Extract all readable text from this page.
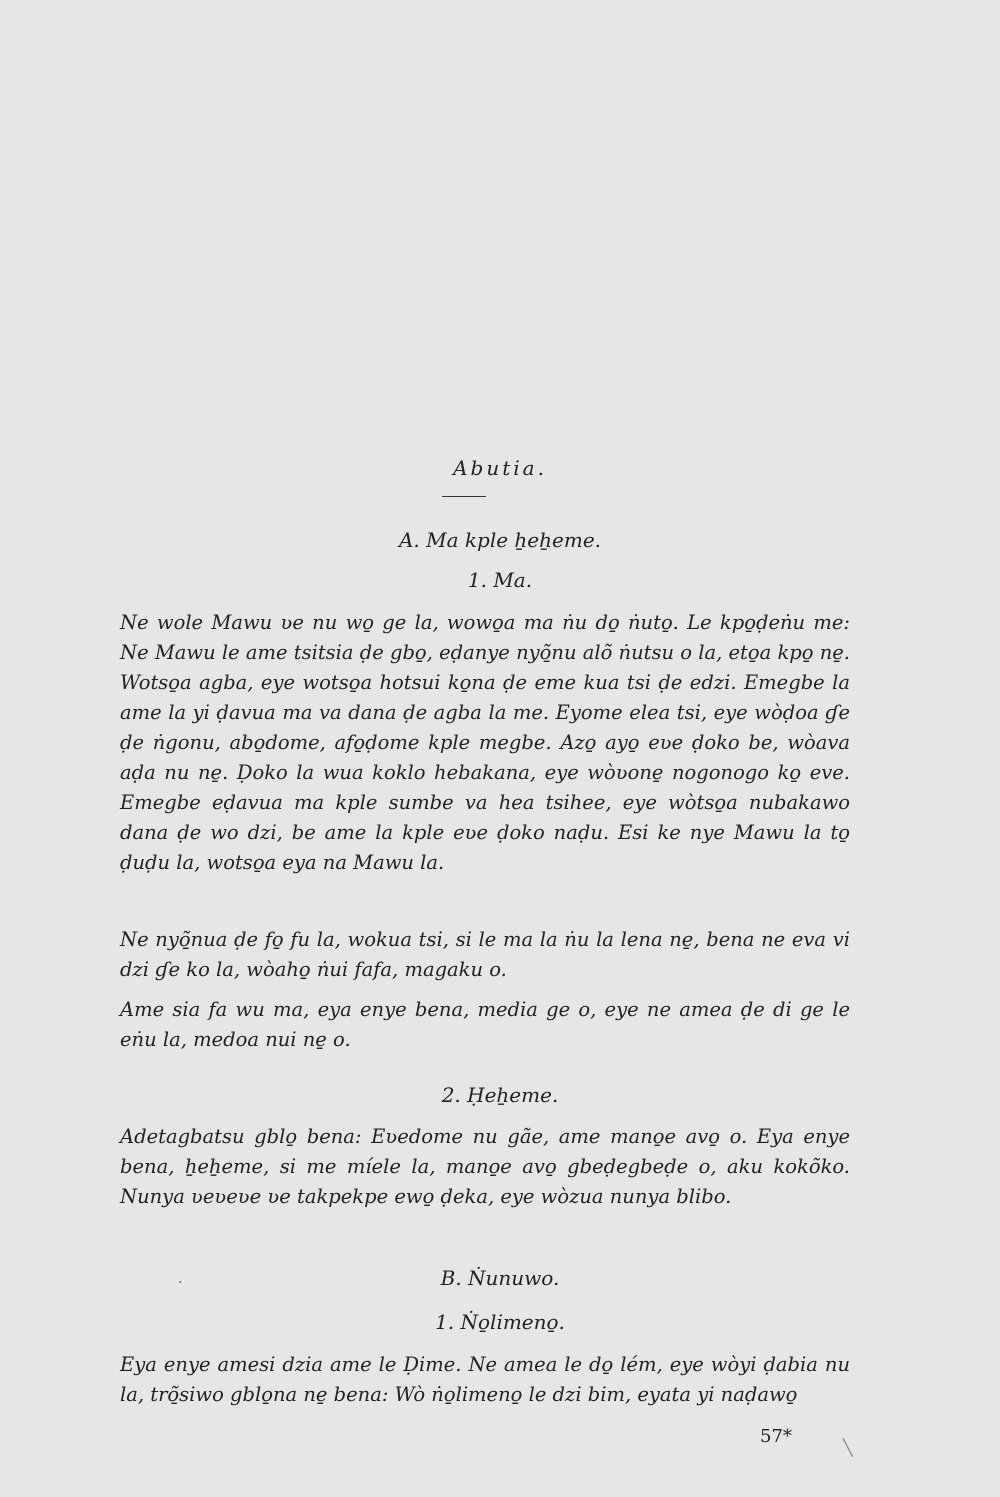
Abutia.
A. Ma kple ẖeẖeme.
1. Ma.
Ne wole Mawu ʋe nu wo̱ ge la, wowo̱a ma ṅu do̱ ṅuto̱. Le kpo̱ḍeṅu me: Ne Mawu le ame tsitsia ḍe gbo̱, eḍanye nyõ̱nu alõ ṅutsu o la, eto̱a kpo̱ ne̱. Wotso̱a agba, eye wotso̱a hotsui ko̱na ḍe eme kua tsi ḍe edzi. Emegbe la ame la yi ḍavua ma va dana ḍe agba la me. Eyome elea tsi, eye wòḍoa ɠe ḍe ṅgonu, abo̱dome, afo̱ḍome kple megbe. Azo̱ ayo̱ eʋe ḍoko be, wòava aḍa nu ne̱. Ḍoko la wua koklo hebakana, eye wòʋone̱ nogonogo ko̱ eve. Emegbe eḍavua ma kple sumbe va hea tsihee, eye wòtso̱a nubakawo dana ḍe wo dzi, be ame la kple eʋe ḍoko naḍu. Esi ke nye Mawu la to̱ ḍuḍu la, wotso̱a eya na Mawu la.
Ne nyõ̱nua ḍe fo̱ fu la, wokua tsi, si le ma la ṅu la lena ne̱, bena ne eva vi dzi ɠe ko la, wòaho̱ ṅui fafa, magaku o.
Ame sia fa wu ma, eya enye bena, media ge o, eye ne amea ḍe di ge le eṅu la, medoa nui ne̱ o.
2. Ḥeẖeme.
Adetagbatsu gblo̱ bena: Eʋedome nu gãe, ame mano̱e avo̱ o. Eya enye bena, ẖeẖeme, si me míele la, mano̱e avo̱ gbeḍegbeḍe o, aku kokõko. Nunya ʋeʋeʋe ʋe takpekpe ewo̱ ḍeka, eye wòzua nunya blibo.
·	B. Ṅunuwo.
1. Ṅo̱limeno̱.
Eya enye amesi dzia ame le Ḍime. Ne amea le do̱ lém, eye wòyi ḍabia nu la, trõ̱siwo gblo̱na ne̱ bena: Wò ṅo̱limeno̱ le dzi bim, eyata yi naḍawo̱
57*
╲
